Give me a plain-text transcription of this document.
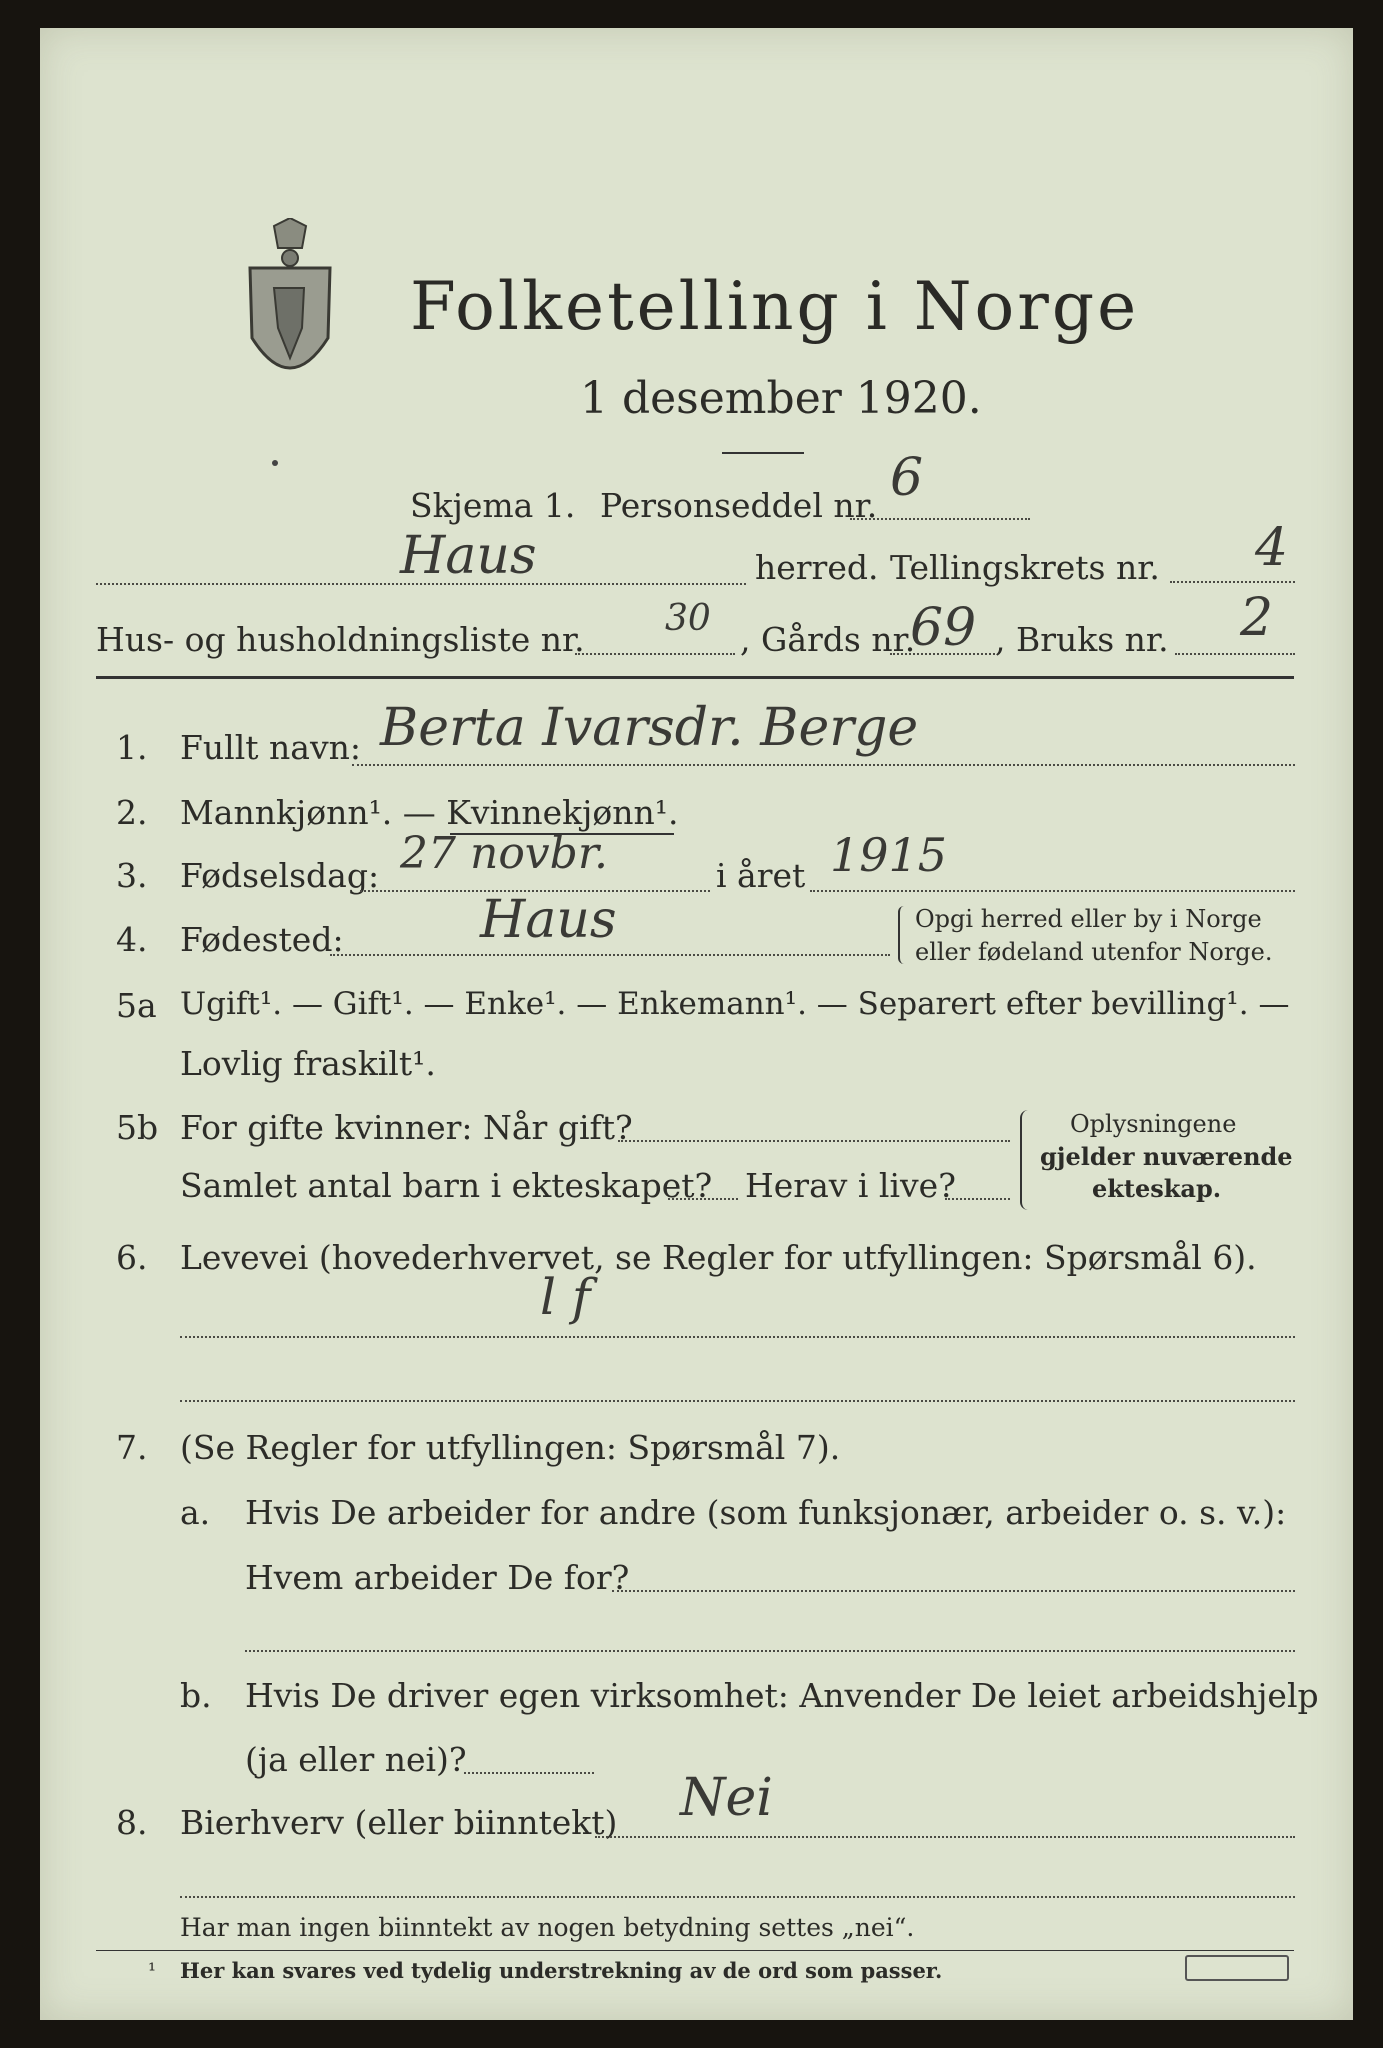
Folketelling i Norge
1 desember 1920.
Skjema 1. Personseddel nr. 6
Haus	herred. Tellingskrets nr. 4
Hus- og husholdningsliste nr.
30
, Gårds nr.
69 , Bruks nr. 2
1. Fullt navn: Berta Ivarsdr. Berge
2. Mannkjønn¹. — Kvinnekjønn¹.
3. Fødselsdag: 27 novbr.	i året 1915
4. Fødested:	Haus	Opgi herred eller by i Norge
eller fødeland utenfor Norge.
5a Ugift¹. — Gift¹. — Enke¹. — Enkemann¹. — Separert efter bevilling¹. —
Lovlig fraskilt¹.
5b For gifte kvinner: Når gift?
Samlet antal barn i ekteskapet? Herav i live?
Oplysningene
gjelder nuværende
ekteskap.
6. Levevei (hovederhvervet, se Regler for utfyllingen: Spørsmål 6).
l f
7. (Se Regler for utfyllingen: Spørsmål 7).
a. Hvis De arbeider for andre (som funksjonær, arbeider o. s. v.):
Hvem arbeider De for?
b. Hvis De driver egen virksomhet: Anvender De leiet arbeidshjelp
(ja eller nei)?
8. Bierhverv (eller biinntekt) Nei
Har man ingen biinntekt av nogen betydning settes „nei“.
¹ Her kan svares ved tydelig understrekning av de ord som passer.
